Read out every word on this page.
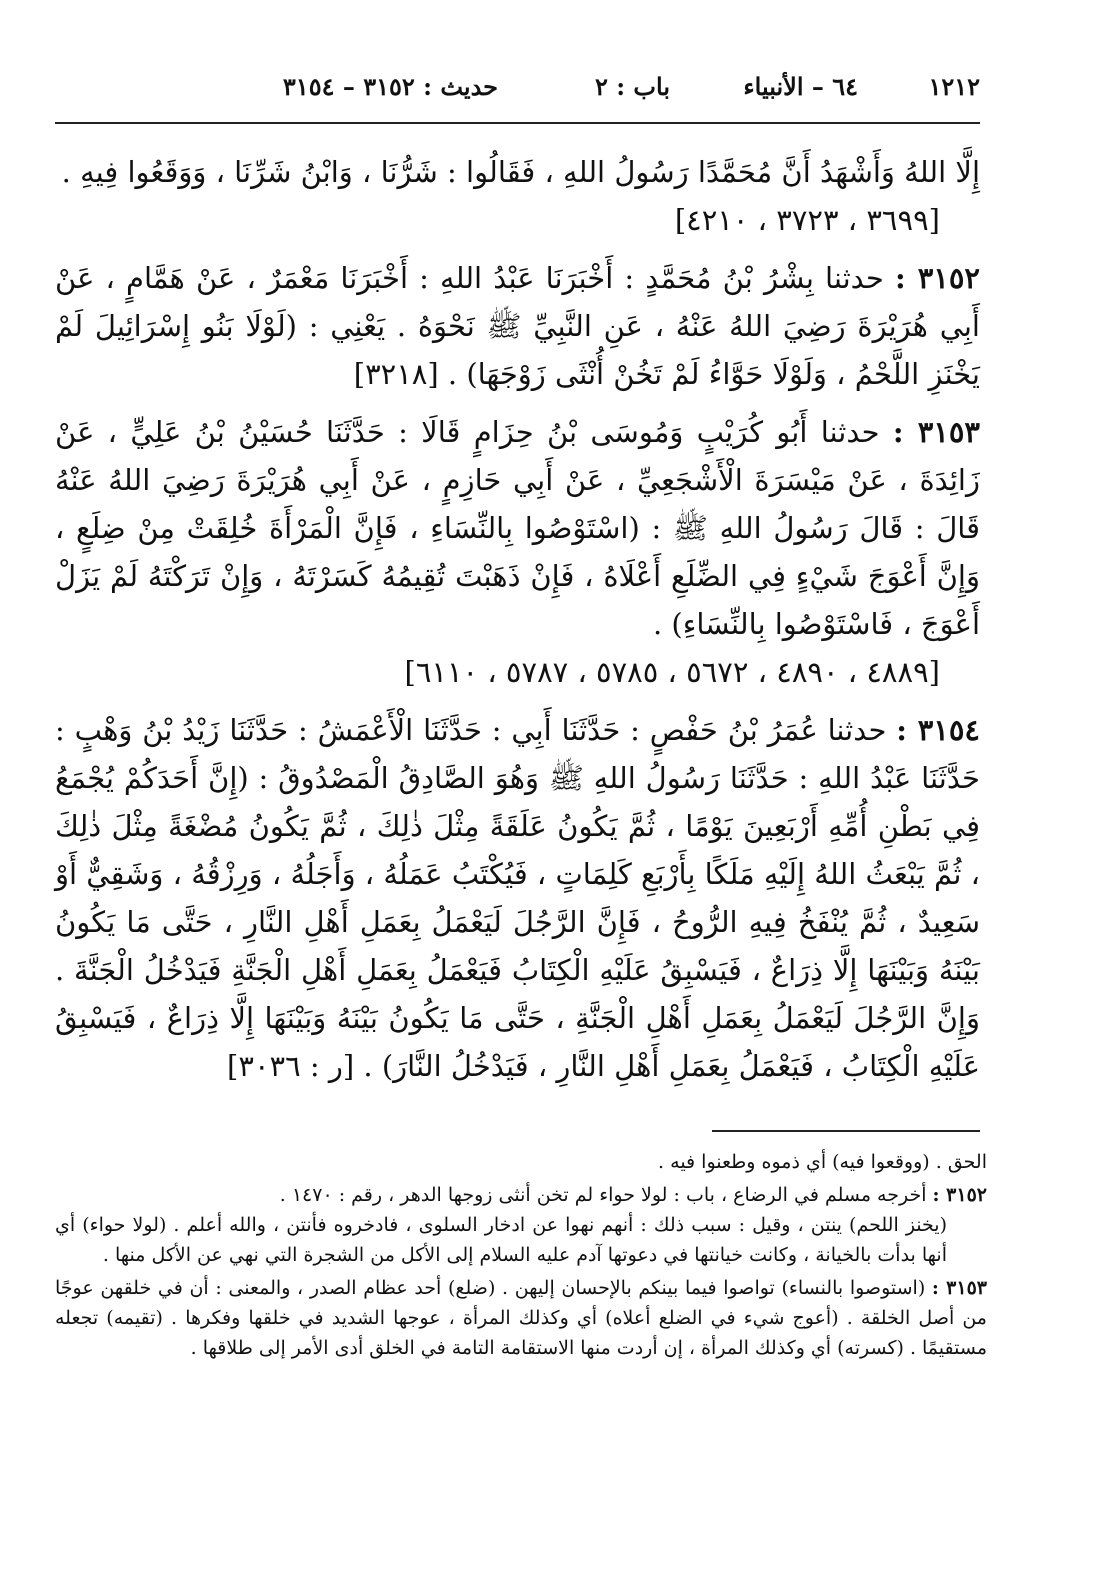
١٢١٢
٦٤ – الأنبياء
باب : ٢
حديث : ٣١٥٢ – ٣١٥٤

إِلَّا اللهُ وَأَشْهَدُ أَنَّ مُحَمَّدًا رَسُولُ اللهِ ، فَقَالُوا : شَرُّنَا ، وَابْنُ شَرِّنَا ، وَوَقَعُوا فِيهِ .

[٣٦٩٩ ، ٣٧٢٣ ، ٤٢١٠]

٣١٥٢ : حدثنا بِشْرُ بْنُ مُحَمَّدٍ : أَخْبَرَنَا عَبْدُ اللهِ : أَخْبَرَنَا مَعْمَرٌ ، عَنْ هَمَّامٍ ، عَنْ أَبِي هُرَيْرَةَ رَضِيَ اللهُ عَنْهُ ، عَنِ النَّبِيِّ ﷺ نَحْوَهُ . يَعْنِي : (لَوْلَا بَنُو إِسْرَائِيلَ لَمْ يَخْنَزِ اللَّحْمُ ، وَلَوْلَا حَوَّاءُ لَمْ تَخُنْ أُنْثَى زَوْجَهَا) . [٣٢١٨]

٣١٥٣ : حدثنا أَبُو كُرَيْبٍ وَمُوسَى بْنُ حِزَامٍ قَالَا : حَدَّثَنَا حُسَيْنُ بْنُ عَلِيٍّ ، عَنْ زَائِدَةَ ، عَنْ مَيْسَرَةَ الْأَشْجَعِيِّ ، عَنْ أَبِي حَازِمٍ ، عَنْ أَبِي هُرَيْرَةَ رَضِيَ اللهُ عَنْهُ قَالَ : قَالَ رَسُولُ اللهِ ﷺ : (اسْتَوْصُوا بِالنِّسَاءِ ، فَإِنَّ الْمَرْأَةَ خُلِقَتْ مِنْ ضِلَعٍ ، وَإِنَّ أَعْوَجَ شَيْءٍ فِي الضِّلَعِ أَعْلَاهُ ، فَإِنْ ذَهَبْتَ تُقِيمُهُ كَسَرْتَهُ ، وَإِنْ تَرَكْتَهُ لَمْ يَزَلْ أَعْوَجَ ، فَاسْتَوْصُوا بِالنِّسَاءِ) .

[٤٨٨٩ ، ٤٨٩٠ ، ٥٦٧٢ ، ٥٧٨٥ ، ٥٧٨٧ ، ٦١١٠]

٣١٥٤ : حدثنا عُمَرُ بْنُ حَفْصٍ : حَدَّثَنَا أَبِي : حَدَّثَنَا الْأَعْمَشُ : حَدَّثَنَا زَيْدُ بْنُ وَهْبٍ : حَدَّثَنَا عَبْدُ اللهِ : حَدَّثَنَا رَسُولُ اللهِ ﷺ وَهُوَ الصَّادِقُ الْمَصْدُوقُ : (إِنَّ أَحَدَكُمْ يُجْمَعُ فِي بَطْنِ أُمِّهِ أَرْبَعِينَ يَوْمًا ، ثُمَّ يَكُونُ عَلَقَةً مِثْلَ ذٰلِكَ ، ثُمَّ يَكُونُ مُضْغَةً مِثْلَ ذٰلِكَ ، ثُمَّ يَبْعَثُ اللهُ إِلَيْهِ مَلَكًا بِأَرْبَعِ كَلِمَاتٍ ، فَيُكْتَبُ عَمَلُهُ ، وَأَجَلُهُ ، وَرِزْقُهُ ، وَشَقِيٌّ أَوْ سَعِيدٌ ، ثُمَّ يُنْفَخُ فِيهِ الرُّوحُ ، فَإِنَّ الرَّجُلَ لَيَعْمَلُ بِعَمَلِ أَهْلِ النَّارِ ، حَتَّى مَا يَكُونُ بَيْنَهُ وَبَيْنَهَا إِلَّا ذِرَاعٌ ، فَيَسْبِقُ عَلَيْهِ الْكِتَابُ فَيَعْمَلُ بِعَمَلِ أَهْلِ الْجَنَّةِ فَيَدْخُلُ الْجَنَّةَ . وَإِنَّ الرَّجُلَ لَيَعْمَلُ بِعَمَلِ أَهْلِ الْجَنَّةِ ، حَتَّى مَا يَكُونُ بَيْنَهُ وَبَيْنَهَا إِلَّا ذِرَاعٌ ، فَيَسْبِقُ عَلَيْهِ الْكِتَابُ ، فَيَعْمَلُ بِعَمَلِ أَهْلِ النَّارِ ، فَيَدْخُلُ النَّارَ) . [ر : ٣٠٣٦]

الحق . (ووقعوا فيه) أي ذموه وطعنوا فيه .

٣١٥٢ : أخرجه مسلم في الرضاع ، باب : لولا حواء لم تخن أنثى زوجها الدهر ، رقم : ١٤٧٠ .

(يخنز اللحم) ينتن ، وقيل : سبب ذلك : أنهم نهوا عن ادخار السلوى ، فادخروه فأنتن ، والله أعلم . (لولا حواء) أي أنها بدأت بالخيانة ، وكانت خيانتها في دعوتها آدم عليه السلام إلى الأكل من الشجرة التي نهي عن الأكل منها .

٣١٥٣ : (استوصوا بالنساء) تواصوا فيما بينكم بالإحسان إليهن . (ضلع) أحد عظام الصدر ، والمعنى : أن في خلقهن عوجًا من أصل الخلقة . (أعوج شيء في الضلع أعلاه) أي وكذلك المرأة ، عوجها الشديد في خلقها وفكرها . (تقيمه) تجعله مستقيمًا . (كسرته) أي وكذلك المرأة ، إن أردت منها الاستقامة التامة في الخلق أدى الأمر إلى طلاقها .
